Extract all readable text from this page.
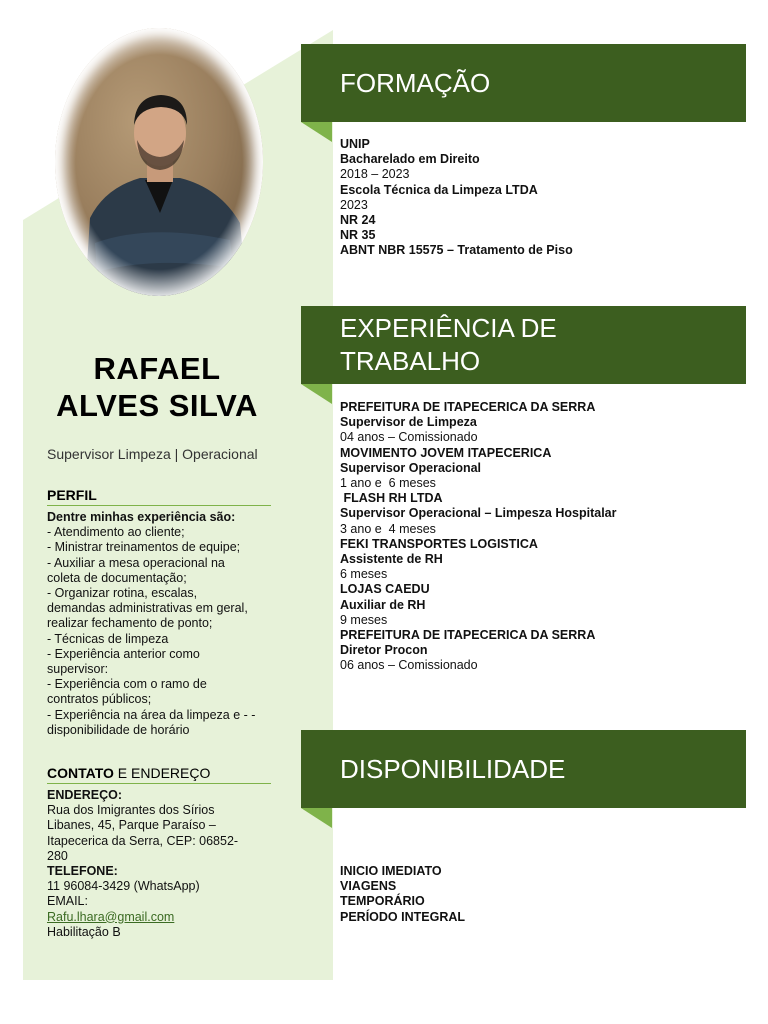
RAFAEL
ALVES SILVA
Supervisor Limpeza | Operacional
PERFIL
Dentre minhas experiência são:
- Atendimento ao cliente;
- Ministrar treinamentos de equipe;
- Auxiliar a mesa operacional na
coleta de documentação;
- Organizar rotina, escalas,
demandas administrativas em geral,
realizar fechamento de ponto;
- Técnicas de limpeza
- Experiência anterior como
supervisor:
- Experiência com o ramo de
contratos públicos;
- Experiência na área da limpeza e - -
disponibilidade de horário
CONTATO E ENDEREÇO
ENDEREÇO:
Rua dos Imigrantes dos Sírios
Libanes, 45, Parque Paraíso –
Itapecerica da Serra, CEP: 06852-
280
TELEFONE:
11 96084-3429 (WhatsApp)
EMAIL:
Rafu.lhara@gmail.com
Habilitação B
FORMAÇÃO
UNIP
Bacharelado em Direito
2018 – 2023
Escola Técnica da Limpeza LTDA
2023
NR 24
NR 35
ABNT NBR 15575 – Tratamento de Piso
EXPERIÊNCIA DE
TRABALHO
PREFEITURA DE ITAPECERICA DA SERRA
Supervisor de Limpeza
04 anos – Comissionado
MOVIMENTO JOVEM ITAPECERICA
Supervisor Operacional
1 ano e  6 meses
FLASH RH LTDA
Supervisor Operacional – Limpesza Hospitalar
3 ano e  4 meses
FEKI TRANSPORTES LOGISTICA
Assistente de RH
6 meses
LOJAS CAEDU
Auxiliar de RH
9 meses
PREFEITURA DE ITAPECERICA DA SERRA
Diretor Procon
06 anos – Comissionado
DISPONIBILIDADE
INICIO IMEDIATO
VIAGENS
TEMPORÁRIO
PERÍODO INTEGRAL
